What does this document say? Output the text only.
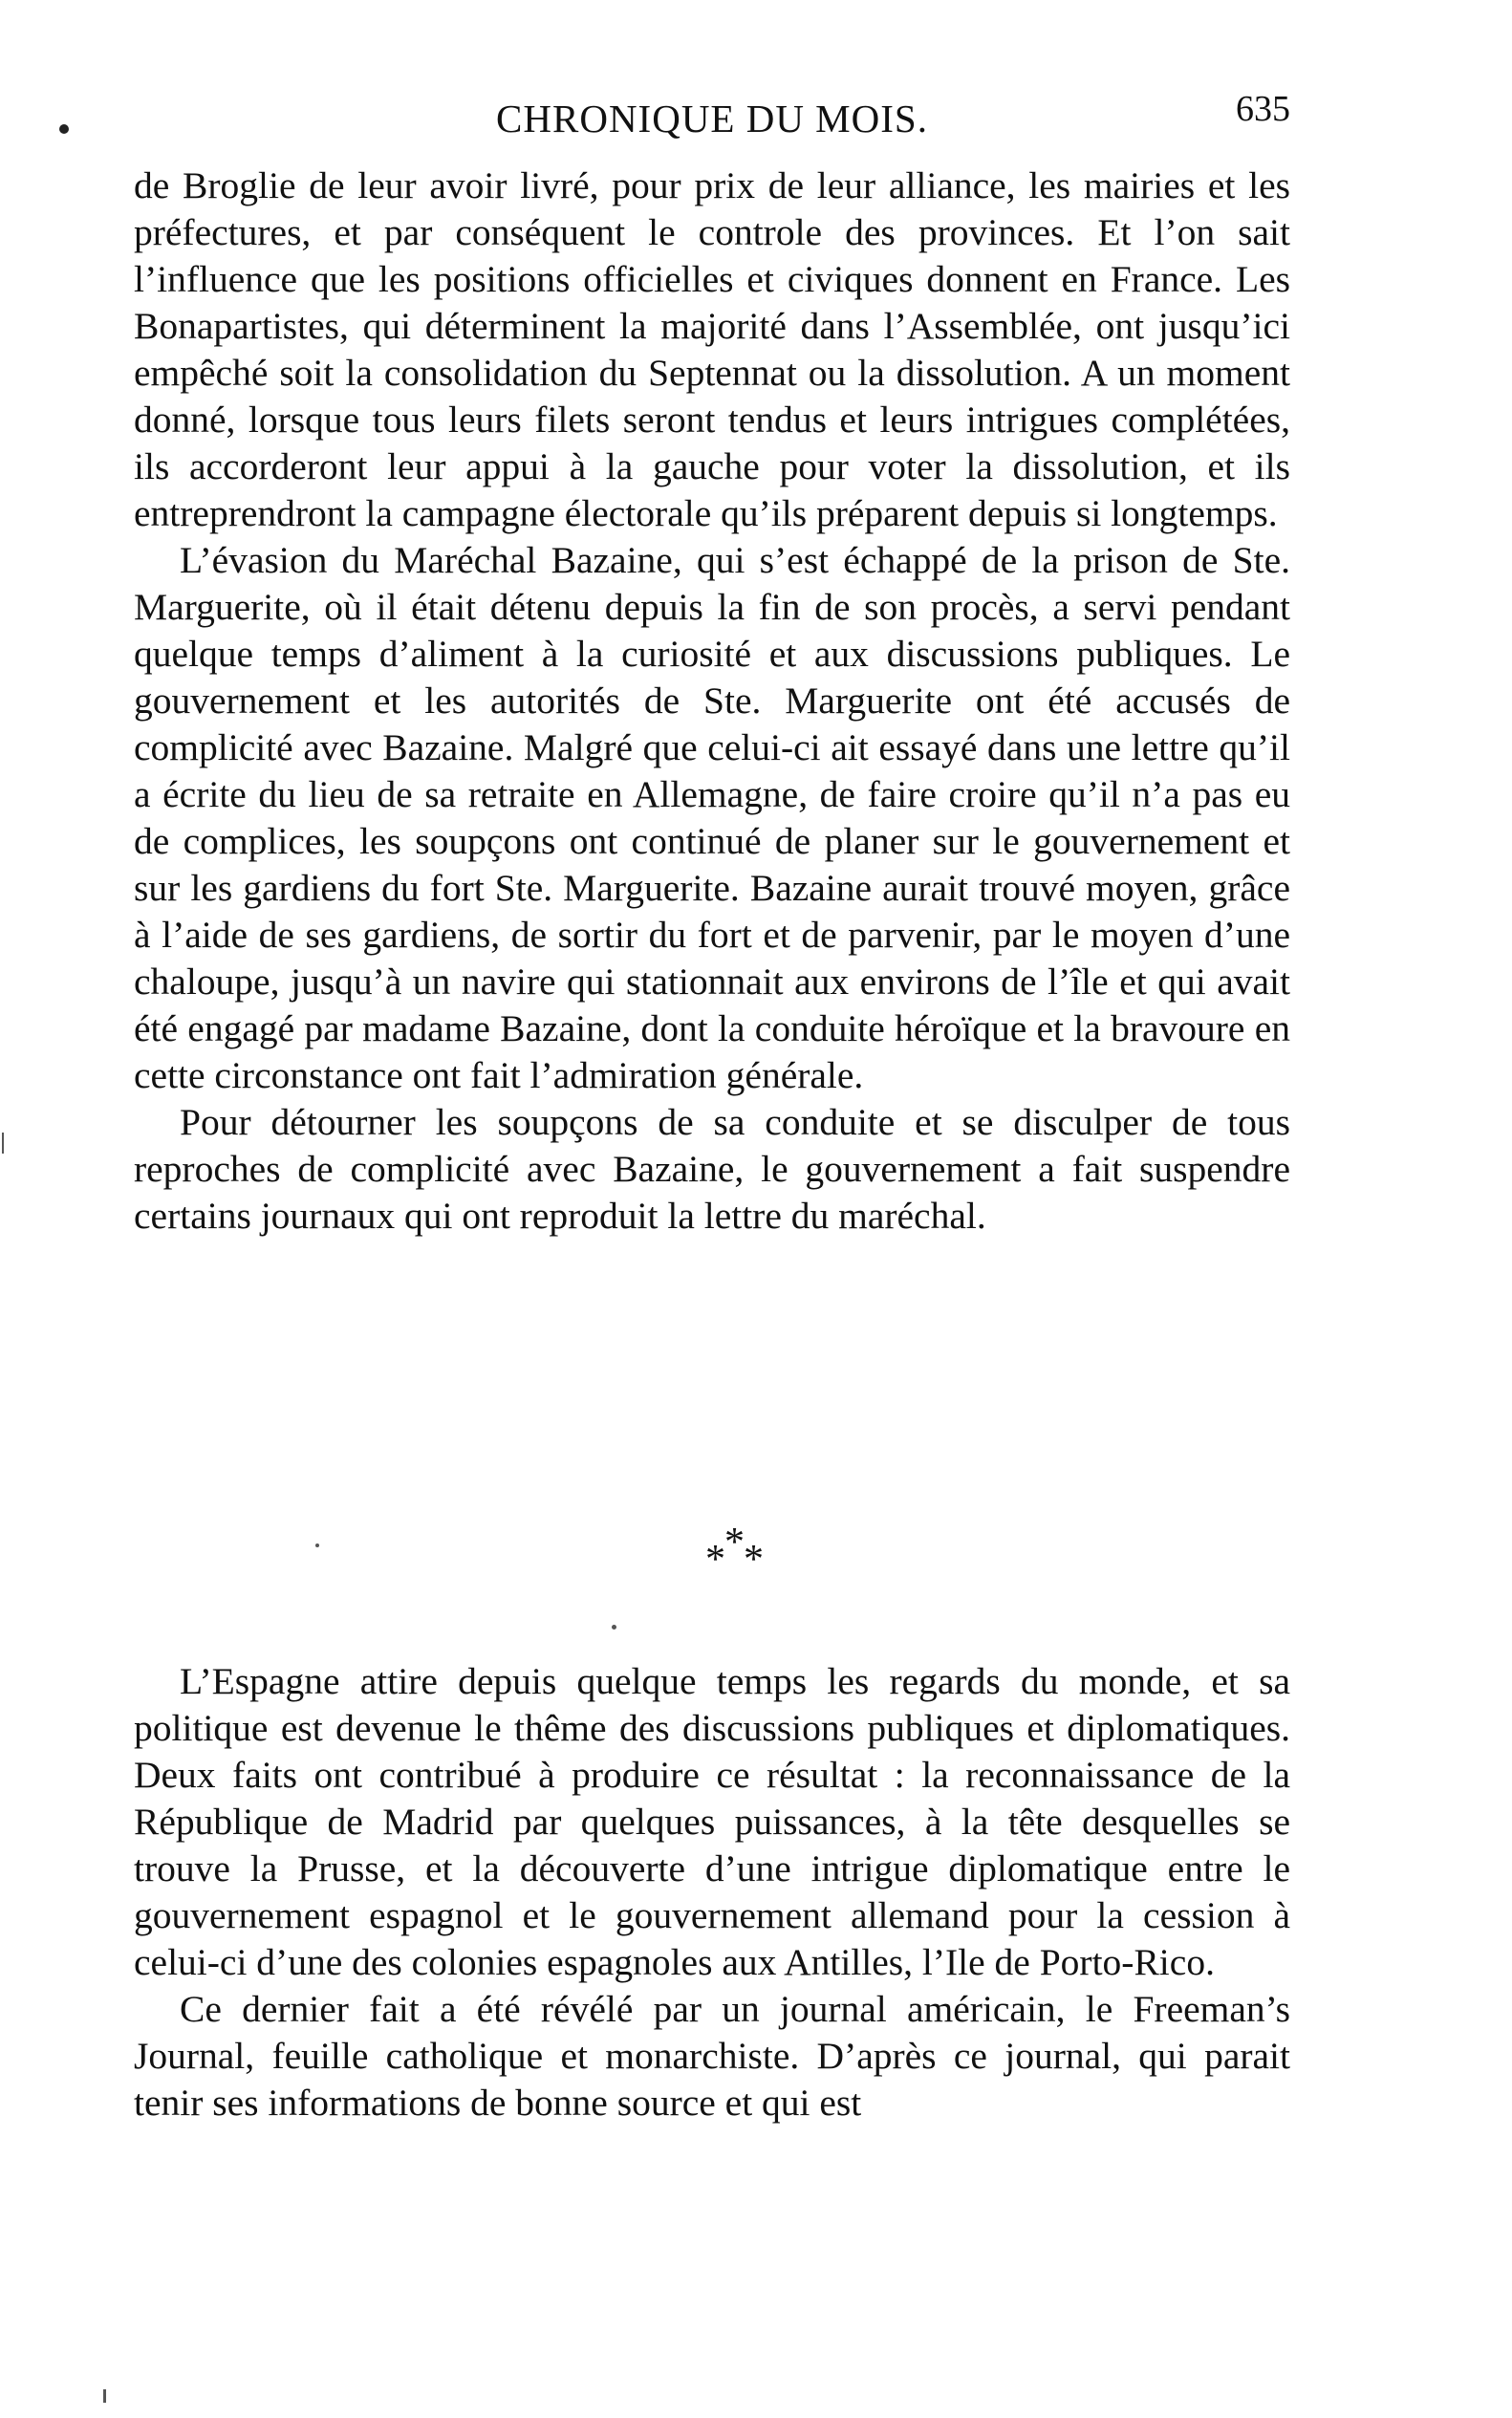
CHRONIQUE DU MOIS.	635

de Broglie de leur avoir livré, pour prix de leur alliance, les mairies et les préfectures, et par conséquent le controle des provinces. Et l’on sait l’influence que les positions officielles et civiques donnent en France. Les Bonapartistes, qui déterminent la majorité dans l’Assemblée, ont jusqu’ici empêché soit la consolidation du Septennat ou la dissolution. A un moment donné, lorsque tous leurs filets seront tendus et leurs intrigues complétées, ils accorderont leur appui à la gauche pour voter la dissolution, et ils entreprendront la campagne électorale qu’ils préparent depuis si longtemps.

L’évasion du Maréchal Bazaine, qui s’est échappé de la prison de Ste. Marguerite, où il était détenu depuis la fin de son procès, a servi pendant quelque temps d’aliment à la curiosité et aux discussions publiques. Le gouvernement et les autorités de Ste. Marguerite ont été accusés de complicité avec Bazaine. Malgré que celui-ci ait essayé dans une lettre qu’il a écrite du lieu de sa retraite en Allemagne, de faire croire qu’il n’a pas eu de complices, les soupçons ont continué de planer sur le gouvernement et sur les gardiens du fort Ste. Marguerite. Bazaine aurait trouvé moyen, grâce à l’aide de ses gardiens, de sortir du fort et de parvenir, par le moyen d’une chaloupe, jusqu’à un navire qui stationnait aux environs de l’île et qui avait été engagé par madame Bazaine, dont la conduite héroïque et la bravoure en cette circonstance ont fait l’admiration générale.

Pour détourner les soupçons de sa conduite et se disculper de tous reproches de complicité avec Bazaine, le gouvernement a fait suspendre certains journaux qui ont reproduit la lettre du maréchal.

*
* *

L’Espagne attire depuis quelque temps les regards du monde, et sa politique est devenue le thême des discussions publiques et diplomatiques. Deux faits ont contribué à produire ce résultat : la reconnaissance de la République de Madrid par quelques puissances, à la tête desquelles se trouve la Prusse, et la découverte d’une intrigue diplomatique entre le gouvernement espagnol et le gouvernement allemand pour la cession à celui-ci d’une des colonies espagnoles aux Antilles, l’Ile de Porto-Rico.

Ce dernier fait a été révélé par un journal américain, le Freeman’s Journal, feuille catholique et monarchiste. D’après ce journal, qui parait tenir ses informations de bonne source et qui est
